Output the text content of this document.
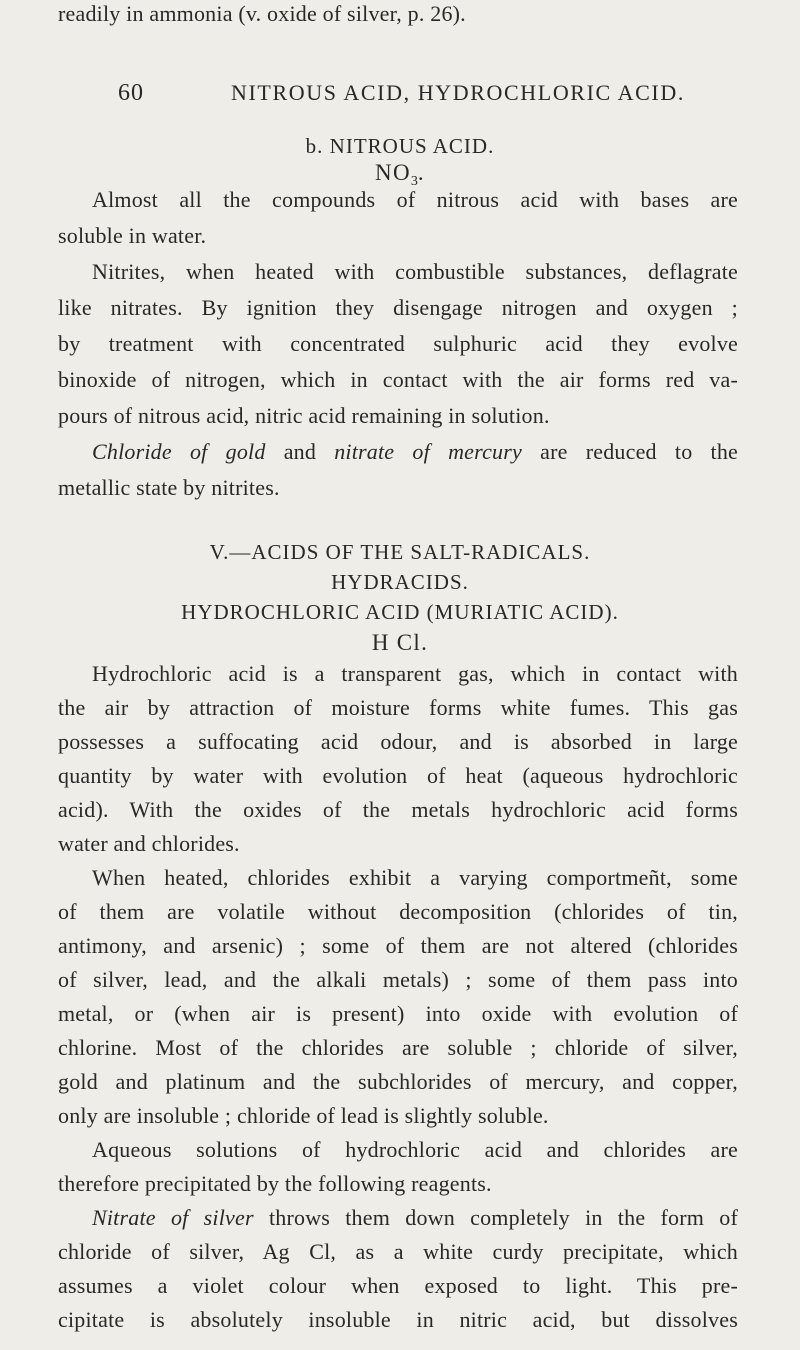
60	NITROUS ACID, HYDROCHLORIC ACID.
b. NITROUS ACID.
$NO_3$.
Almost all the compounds of nitrous acid with bases are
soluble in water.
Nitrites, when heated with combustible substances, deflagrate
like nitrates. By ignition they disengage nitrogen and oxygen ;
by treatment with concentrated sulphuric acid they evolve
binoxide of nitrogen, which in contact with the air forms red va-
pours of nitrous acid, nitric acid remaining in solution.
Chloride of gold and nitrate of mercury are reduced to the
metallic state by nitrites.
V.—ACIDS OF THE SALT-RADICALS.
HYDRACIDS.
HYDROCHLORIC ACID (MURIATIC ACID).
H Cl.
Hydrochloric acid is a transparent gas, which in contact with
the air by attraction of moisture forms white fumes. This gas
possesses a suffocating acid odour, and is absorbed in large
quantity by water with evolution of heat (aqueous hydrochloric
acid). With the oxides of the metals hydrochloric acid forms
water and chlorides.
When heated, chlorides exhibit a varying comportmeñt, some
of them are volatile without decomposition (chlorides of tin,
antimony, and arsenic) ; some of them are not altered (chlorides
of silver, lead, and the alkali metals) ; some of them pass into
metal, or (when air is present) into oxide with evolution of
chlorine. Most of the chlorides are soluble ; chloride of silver,
gold and platinum and the subchlorides of mercury, and copper,
only are insoluble ; chloride of lead is slightly soluble.
Aqueous solutions of hydrochloric acid and chlorides are
therefore precipitated by the following reagents.
Nitrate of silver throws them down completely in the form of
chloride of silver, Ag Cl, as a white curdy precipitate, which
assumes a violet colour when exposed to light. This pre-
cipitate is absolutely insoluble in nitric acid, but dissolves
readily in ammonia (v. oxide of silver, p. 26).
